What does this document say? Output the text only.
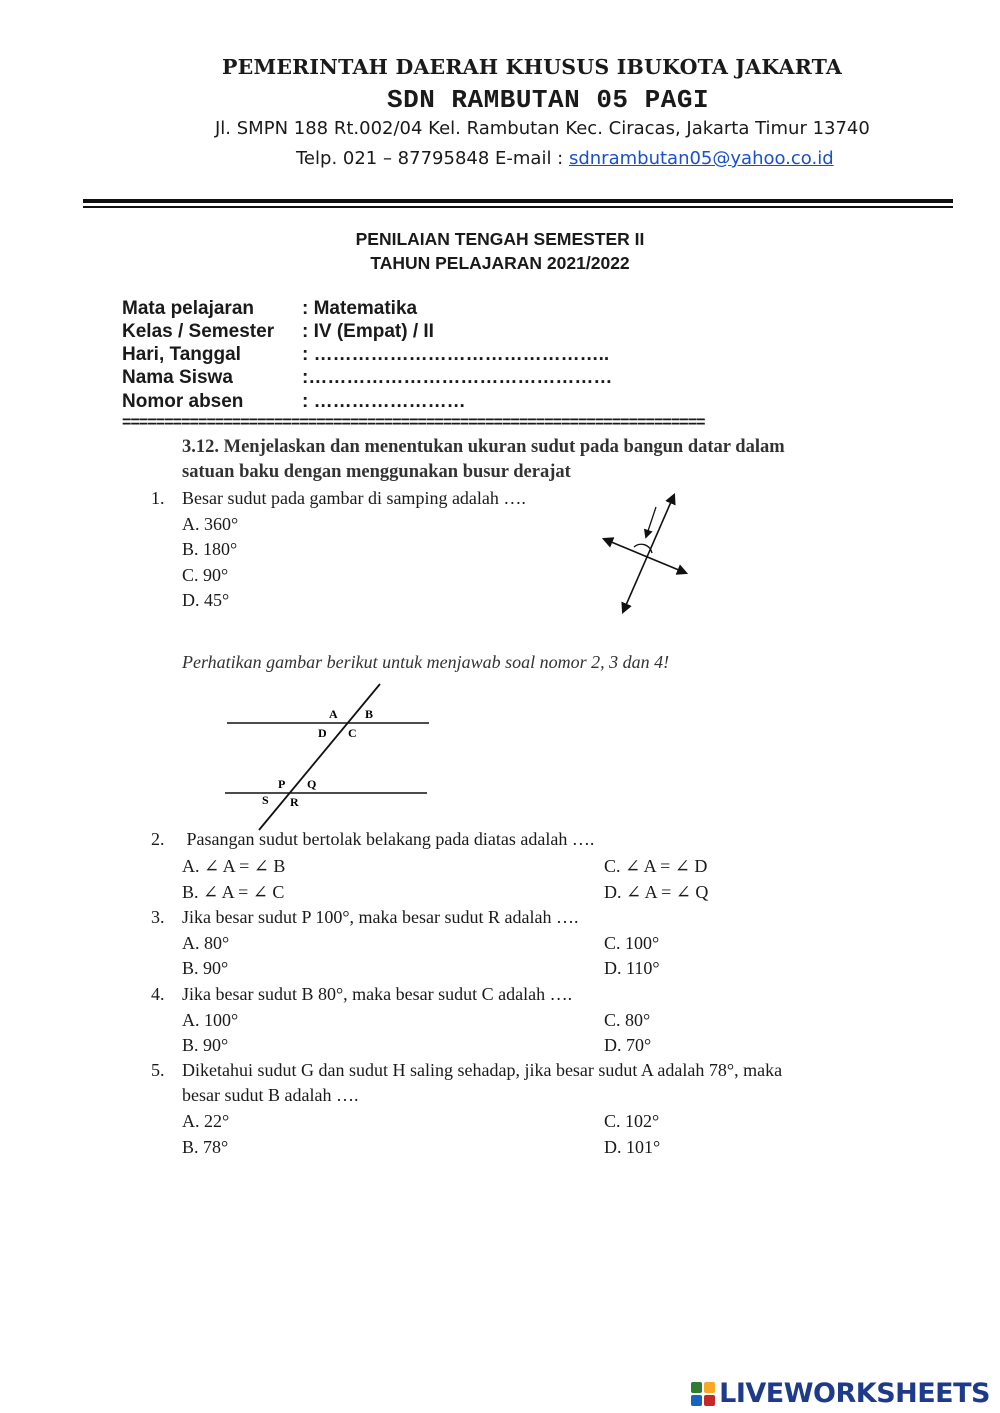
PEMERINTAH DAERAH KHUSUS IBUKOTA JAKARTA
SDN RAMBUTAN 05 PAGI
Jl. SMPN 188 Rt.002/04 Kel. Rambutan Kec. Ciracas, Jakarta Timur 13740
Telp. 021 – 87795848 E-mail : sdnrambutan05@yahoo.co.id
PENILAIAN TENGAH SEMESTER II
TAHUN PELAJARAN 2021/2022
Mata pelajaran	: Matematika
Kelas / Semester : IV (Empat) / II
Hari, Tanggal	: ………………………………………..
Nama Siswa	:…………………………………………
Nomor absen	: ……………………
=====================================================================
3.12. Menjelaskan dan menentukan ukuran sudut pada bangun datar dalam
satuan baku dengan menggunakan busur derajat
1. Besar sudut pada gambar di samping adalah ….
A. 360°
B. 180°
C. 90°
D. 45°
Perhatikan gambar berikut untuk menjawab soal nomor 2, 3 dan 4!
A B
D C
P Q
S R
2. Pasangan sudut bertolak belakang pada diatas adalah ….
A. ∠ A = ∠ B
B. ∠ A = ∠ C
C. ∠ A = ∠ D
D. ∠ A = ∠ Q
3. Jika besar sudut P 100°, maka besar sudut R adalah ….
A. 80°
B. 90°
C. 100°
D. 110°
4. Jika besar sudut B 80°, maka besar sudut C adalah ….
A. 100°
B. 90°
C. 80°
D. 70°
5. Diketahui sudut G dan sudut H saling sehadap, jika besar sudut A adalah 78°, maka
besar sudut B adalah ….
A. 22°
B. 78°
C. 102°
D. 101°
LIVEWORKSHEETS
